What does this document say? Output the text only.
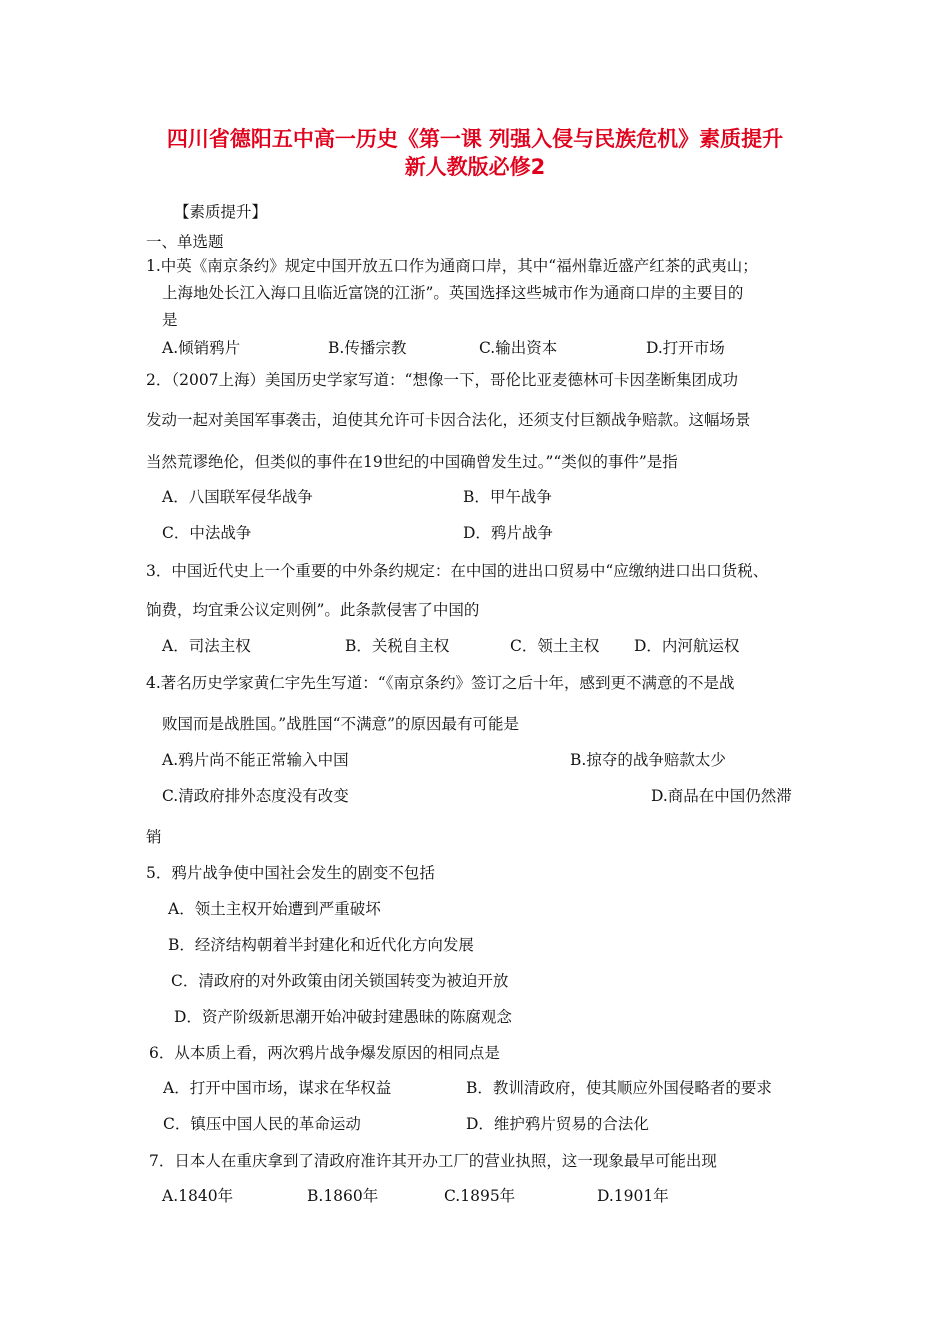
四川省德阳五中高一历史《第一课 列强入侵与民族危机》素质提升
新人教版必修2
【素质提升】
一、单选题
1.中英《南京条约》规定中国开放五口作为通商口岸，其中“福州靠近盛产红茶的武夷山；
上海地处长江入海口且临近富饶的江浙”。英国选择这些城市作为通商口岸的主要目的
是
A.倾销鸦片	B.传播宗教	C.输出资本	D.打开市场
2．（2007上海）美国历史学家写道：“想像一下，哥伦比亚麦德林可卡因垄断集团成功
发动一起对美国军事袭击，迫使其允许可卡因合法化，还须支付巨额战争赔款。这幅场景
当然荒谬绝伦，但类似的事件在19世纪的中国确曾发生过。”“类似的事件”是指
A．八国联军侵华战争	B．甲午战争
C．中法战争	D．鸦片战争
3．中国近代史上一个重要的中外条约规定：在中国的进出口贸易中“应缴纳进口出口货税、
饷费，均宜秉公议定则例”。此条款侵害了中国的
A．司法主权	B．关税自主权	C．领土主权 D．内河航运权
4.著名历史学家黄仁宇先生写道：“《南京条约》签订之后十年，感到更不满意的不是战
败国而是战胜国。”战胜国“不满意”的原因最有可能是
A.鸦片尚不能正常输入中国	B.掠夺的战争赔款太少
C.清政府排外态度没有改变	D.商品在中国仍然滞
销
5．鸦片战争使中国社会发生的剧变不包括
A．领土主权开始遭到严重破坏
B．经济结构朝着半封建化和近代化方向发展
C．清政府的对外政策由闭关锁国转变为被迫开放
D．资产阶级新思潮开始冲破封建愚昧的陈腐观念
6．从本质上看，两次鸦片战争爆发原因的相同点是
A．打开中国市场，谋求在华权益	B．教训清政府，使其顺应外国侵略者的要求
C．镇压中国人民的革命运动	D．维护鸦片贸易的合法化
7．日本人在重庆拿到了清政府准许其开办工厂的营业执照，这一现象最早可能出现
A.1840年	B.1860年	C.1895年	D.1901年
